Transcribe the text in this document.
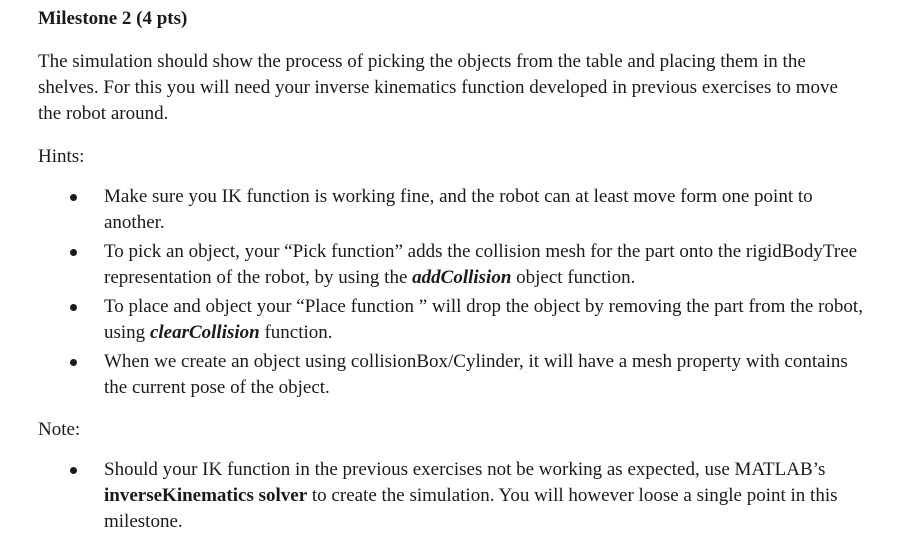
Milestone 2 (4 pts)

The simulation should show the process of picking the objects from the table and placing them in the shelves. For this you will need your inverse kinematics function developed in previous exercises to move the robot around.

Hints:
Make sure you IK function is working fine, and the robot can at least move form one point to another.
To pick an object, your “Pick function” adds the collision mesh for the part onto the rigidBodyTree representation of the robot, by using the addCollision object function.
To place and object your “Place function ” will drop the object by removing the part from the robot, using clearCollision function.
When we create an object using collisionBox/Cylinder, it will have a mesh property with contains the current pose of the object.
Note:
Should your IK function in the previous exercises not be working as expected, use MATLAB’s inverseKinematics solver to create the simulation. You will however loose a single point in this milestone.
